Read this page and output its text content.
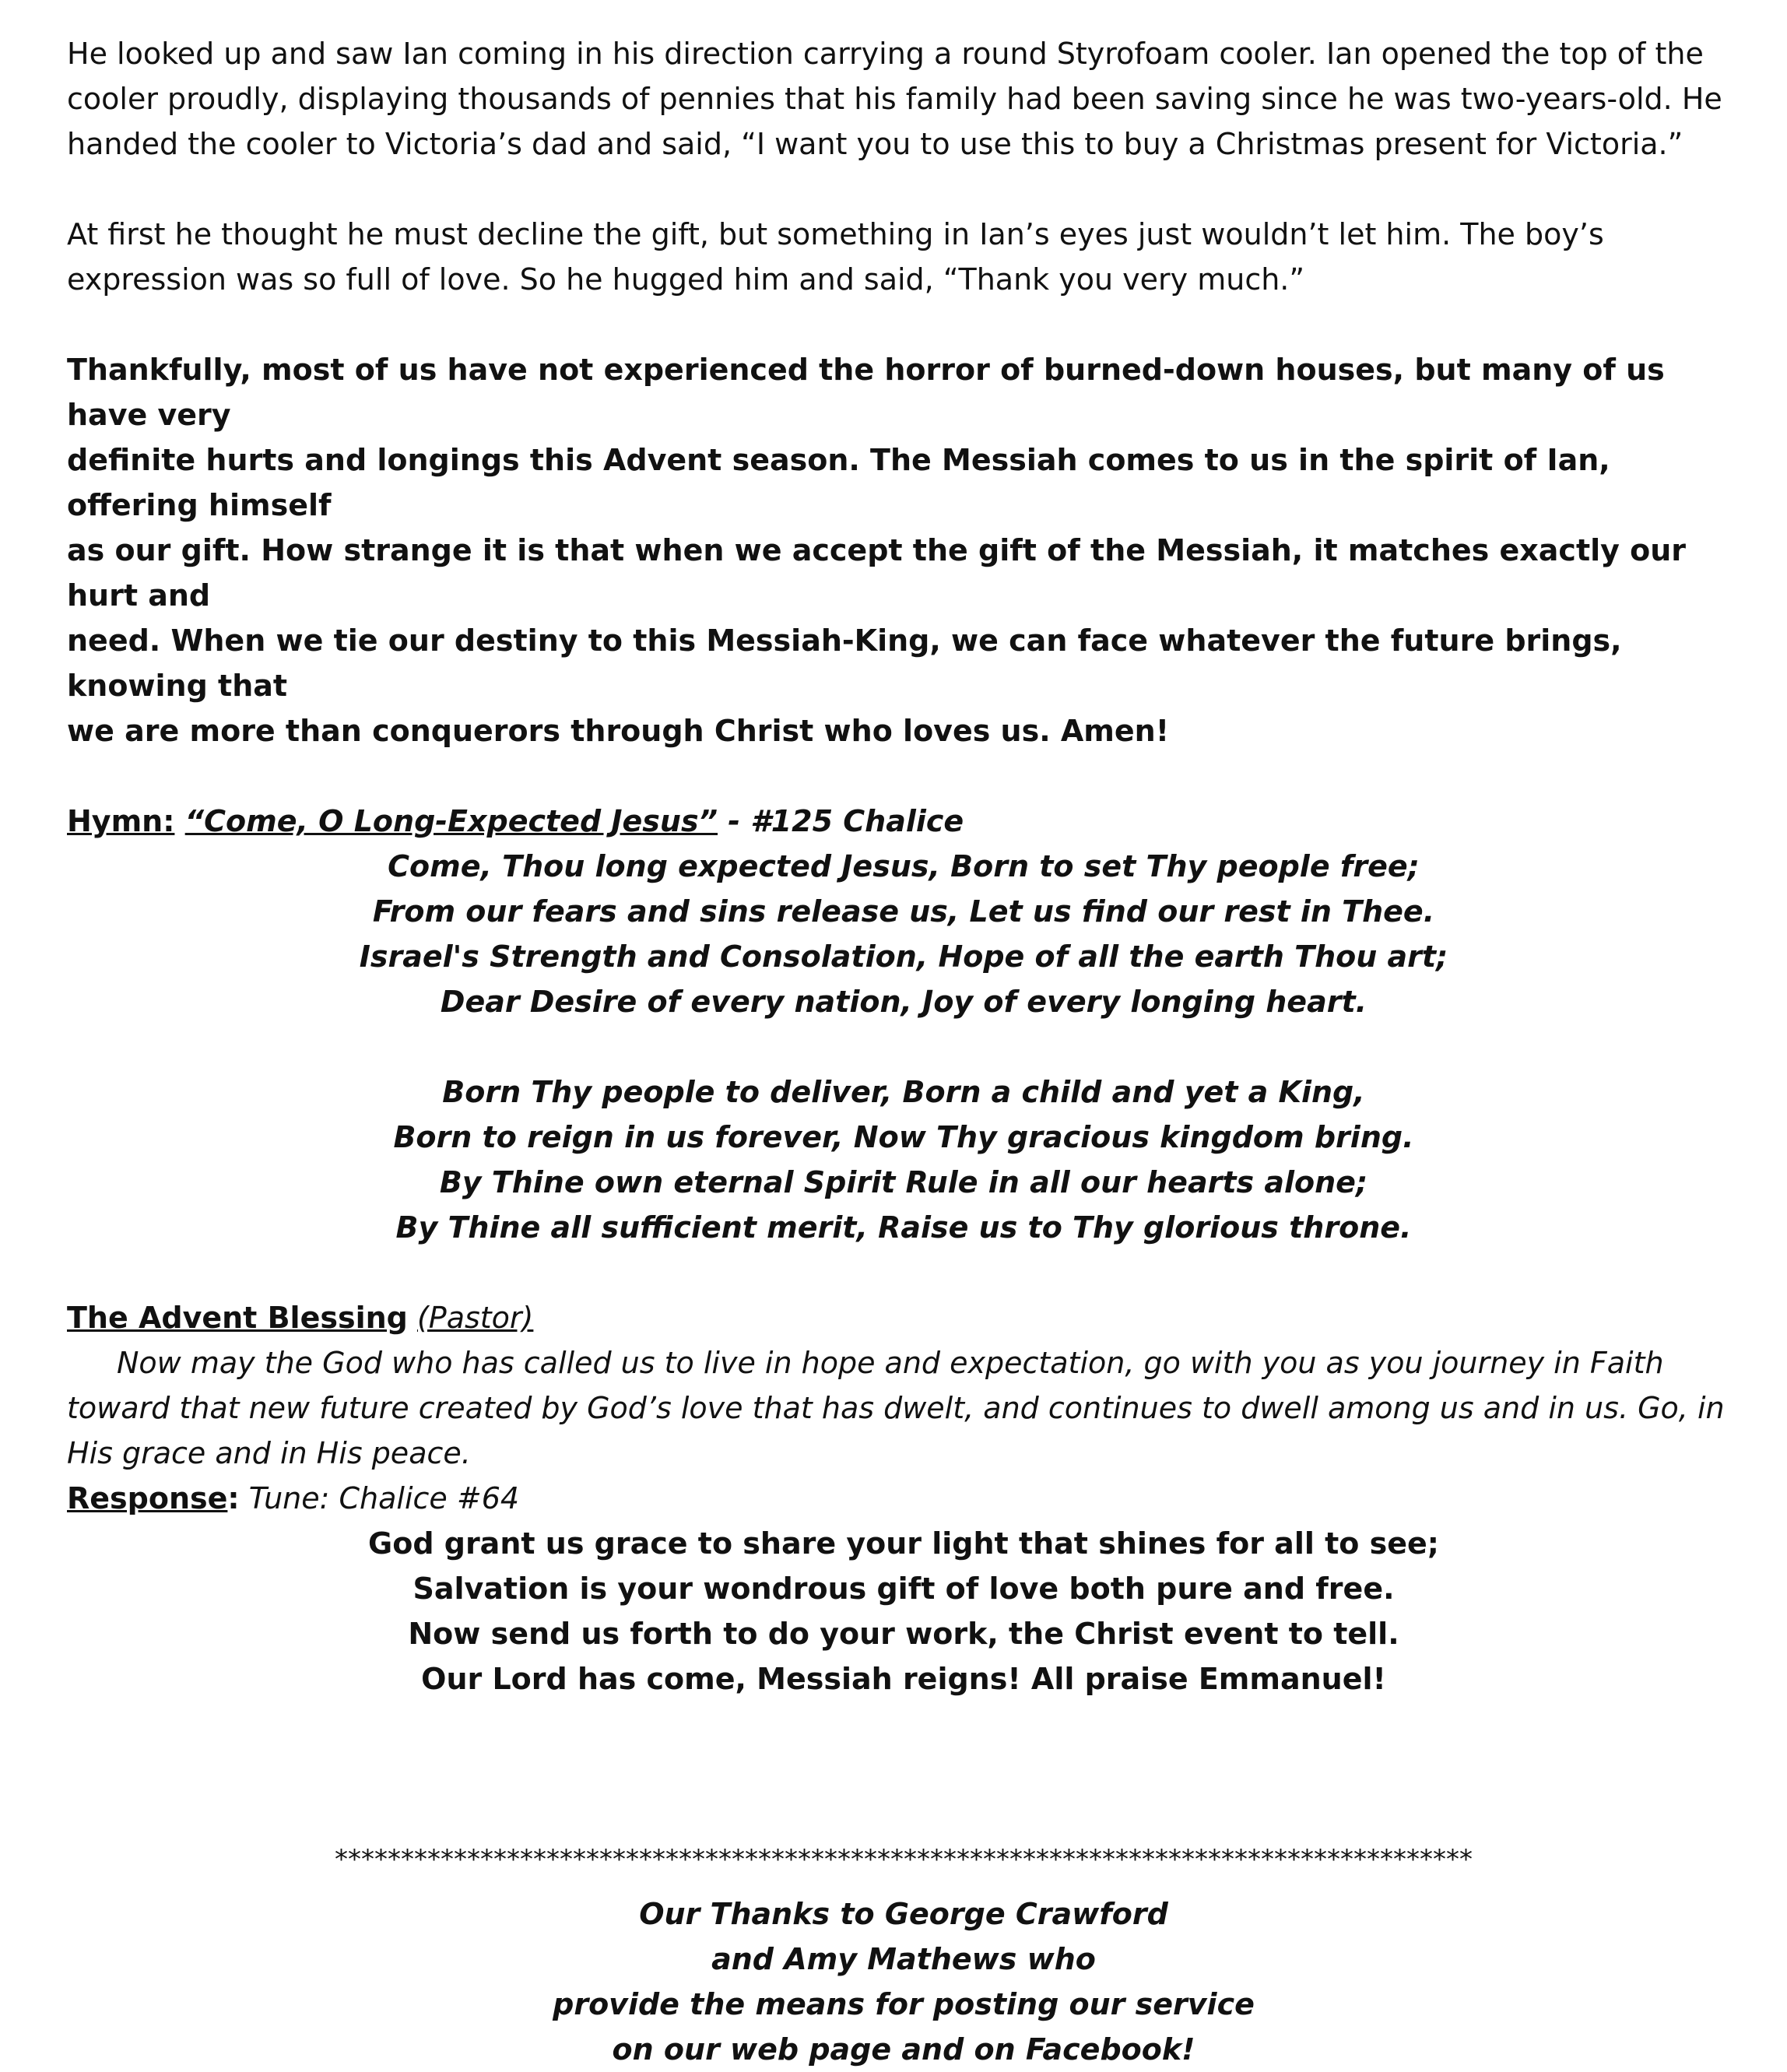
He looked up and saw Ian coming in his direction carrying a round Styrofoam cooler. Ian opened the top of the
cooler proudly, displaying thousands of pennies that his family had been saving since he was two-years-old. He
handed the cooler to Victoria’s dad and said, “I want you to use this to buy a Christmas present for Victoria.”
At first he thought he must decline the gift, but something in Ian’s eyes just wouldn’t let him. The boy’s
expression was so full of love. So he hugged him and said, “Thank you very much.”
Thankfully, most of us have not experienced the horror of burned-down houses, but many of us have very
definite hurts and longings this Advent season. The Messiah comes to us in the spirit of Ian, offering himself
as our gift. How strange it is that when we accept the gift of the Messiah, it matches exactly our hurt and
need. When we tie our destiny to this Messiah-King, we can face whatever the future brings, knowing that
we are more than conquerors through Christ who loves us. Amen!
Hymn: “Come, O Long-Expected Jesus” - #125 Chalice
Come, Thou long expected Jesus, Born to set Thy people free;
From our fears and sins release us, Let us find our rest in Thee.
Israel's Strength and Consolation, Hope of all the earth Thou art;
Dear Desire of every nation, Joy of every longing heart.
Born Thy people to deliver, Born a child and yet a King,
Born to reign in us forever, Now Thy gracious kingdom bring.
By Thine own eternal Spirit Rule in all our hearts alone;
By Thine all sufficient merit, Raise us to Thy glorious throne.
The Advent Blessing (Pastor)
Now may the God who has called us to live in hope and expectation, go with you as you journey in Faith
toward that new future created by God’s love that has dwelt, and continues to dwell among us and in us. Go, in
His grace and in His peace.
Response: Tune: Chalice #64
God grant us grace to share your light that shines for all to see;
Salvation is your wondrous gift of love both pure and free.
Now send us forth to do your work, the Christ event to tell.
Our Lord has come, Messiah reigns! All praise Emmanuel!
**************************************************************************************
Our Thanks to George Crawford
and Amy Mathews who
provide the means for posting our service
on our web page and on Facebook!
